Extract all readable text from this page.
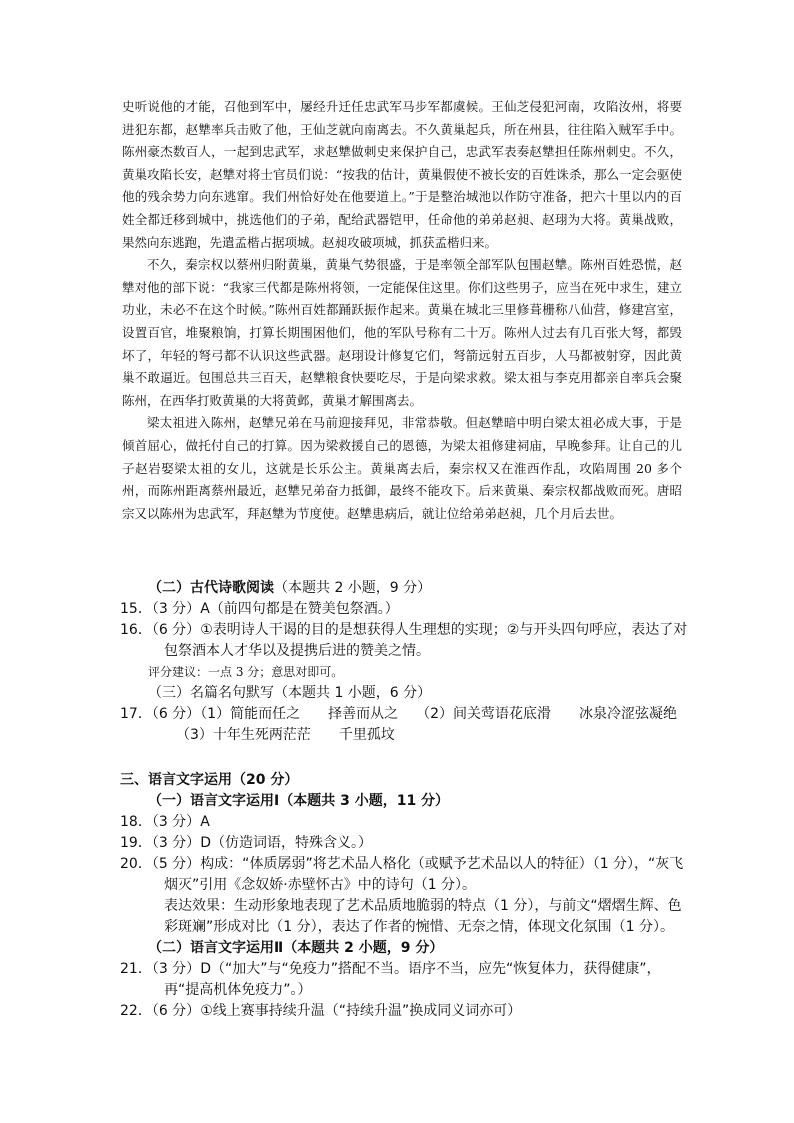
史听说他的才能，召他到军中，屡经升迁任忠武军马步军都虞候。王仙芝侵犯河南，攻陷汝州，将要进犯东都，赵犨率兵击败了他，王仙芝就向南离去。不久黄巢起兵，所在州县，往往陷入贼军手中。陈州豪杰数百人，一起到忠武军，求赵犨做刺史来保护自己，忠武军表奏赵犨担任陈州刺史。不久，黄巢攻陷长安，赵犨对将士官员们说：“按我的估计，黄巢假使不被长安的百姓诛杀，那么一定会驱使他的残余势力向东逃窜。我们州恰好处在他要道上。”于是整治城池以作防守准备，把六十里以内的百姓全都迁移到城中，挑选他们的子弟，配给武器铠甲，任命他的弟弟赵昶、赵珝为大将。黄巢战败，果然向东逃跑，先遣孟楷占据项城。赵昶攻破项城，抓获孟楷归来。

不久，秦宗权以蔡州归附黄巢，黄巢气势很盛，于是率领全部军队包围赵犨。陈州百姓恐慌，赵犨对他的部下说：“我家三代都是陈州将领，一定能保住这里。你们这些男子，应当在死中求生，建立功业，未必不在这个时候。”陈州百姓都踊跃振作起来。黄巢在城北三里修葺栅称八仙营，修建宫室，设置百官，堆聚粮饷，打算长期围困他们，他的军队号称有二十万。陈州人过去有几百张大弩，都毁坏了，年轻的弩弓都不认识这些武器。赵珝设计修复它们，弩箭远射五百步，人马都被射穿，因此黄巢不敢逼近。包围总共三百天，赵犨粮食快要吃尽，于是向梁求救。梁太祖与李克用都亲自率兵会聚陈州，在西华打败黄巢的大将黄邺，黄巢才解围离去。

梁太祖进入陈州，赵犨兄弟在马前迎接拜见，非常恭敬。但赵犨暗中明白梁太祖必成大事，于是倾首屈心，做托付自己的打算。因为梁救援自己的恩德，为梁太祖修建祠庙，早晚参拜。让自己的儿子赵岩娶梁太祖的女儿，这就是长乐公主。黄巢离去后，秦宗权又在淮西作乱，攻陷周围 20 多个州，而陈州距离蔡州最近，赵犨兄弟奋力抵御，最终不能攻下。后来黄巢、秦宗权都战败而死。唐昭宗又以陈州为忠武军，拜赵犨为节度使。赵犨患病后，就让位给弟弟赵昶，几个月后去世。

（二）古代诗歌阅读（本题共 2 小题，9 分）
15．（3 分）A（前四句都是在赞美包祭酒。）
16．（6 分）①表明诗人干谒的目的是想获得人生理想的实现；②与开头四句呼应，表达了对包祭酒本人才华以及提携后进的赞美之情。
评分建议：一点 3 分；意思对即可。
（三）名篇名句默写（本题共 1 小题，6 分）
17．（6 分）（1）简能而任之 择善而从之 （2）间关莺语花底滑 冰泉冷涩弦凝绝
（3）十年生死两茫茫 千里孤坟
三、语言文字运用（20 分）
（一）语言文字运用Ⅰ（本题共 3 小题，11 分）
18．（3 分）A
19．（3 分）D（仿造词语，特殊含义。）
20．（5 分）构成：“体质孱弱”将艺术品人格化（或赋予艺术品以人的特征）（1 分），“灰飞烟灭”引用《念奴娇·赤壁怀古》中的诗句（1 分）。
表达效果：生动形象地表现了艺术品质地脆弱的特点（1 分），与前文“熠熠生辉、色彩斑斓”形成对比（1 分），表达了作者的惋惜、无奈之情，体现文化氛围（1 分）。
（二）语言文字运用Ⅱ（本题共 2 小题，9 分）
21．（3 分）D（“加大”与“免疫力”搭配不当。语序不当，应先“恢复体力，获得健康”，再“提高机体免疫力”。）
22．（6 分）①线上赛事持续升温（“持续升温”换成同义词亦可）
